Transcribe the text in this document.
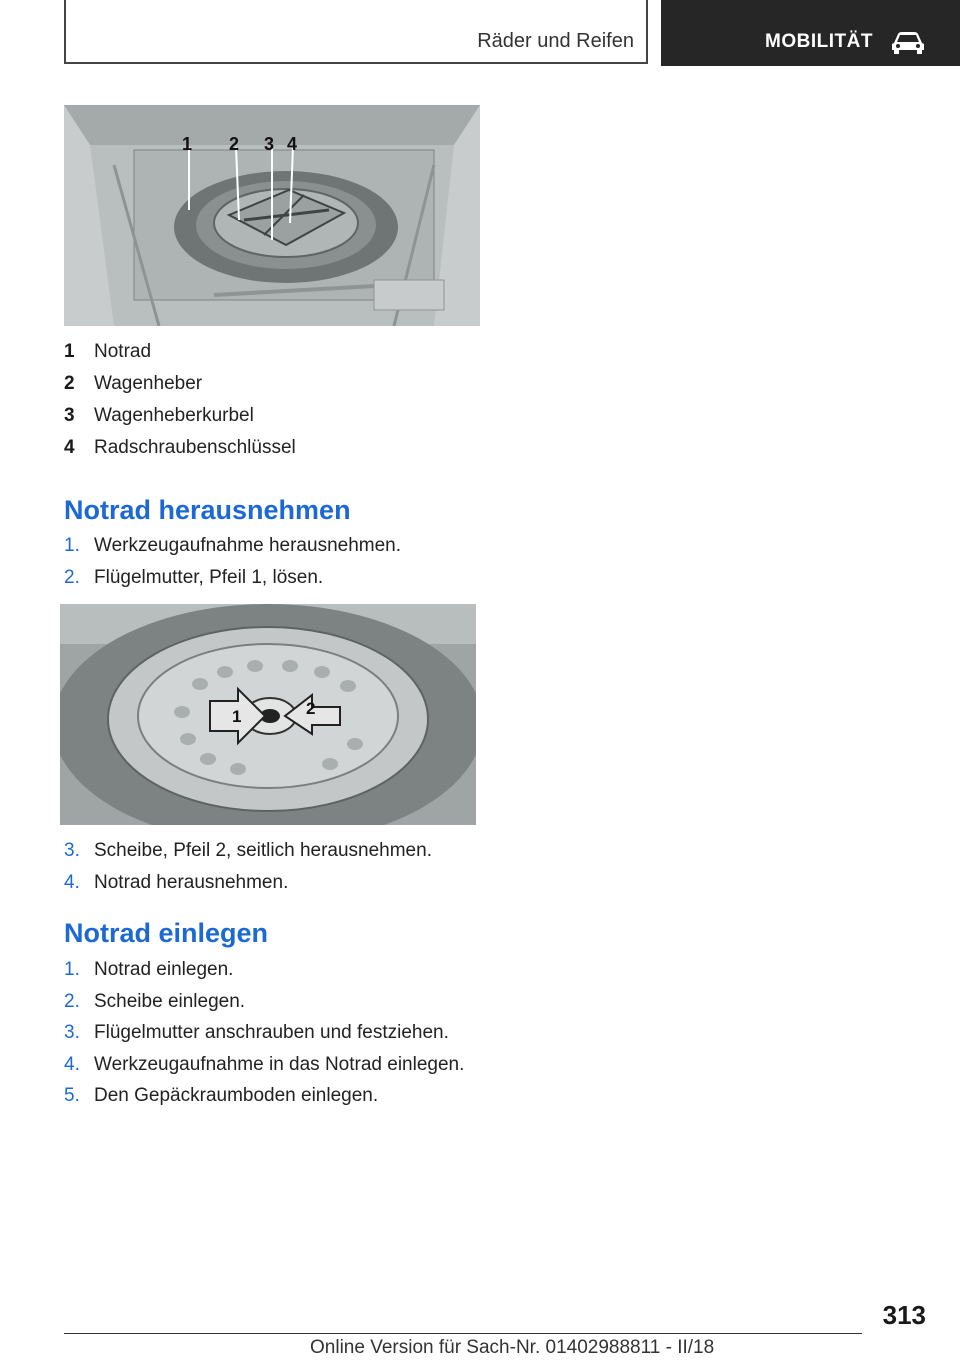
Räder und Reifen	MOBILITÄT
1 2 3 4
1 Notrad
2 Wagenheber
3 Wagenheberkurbel
4 Radschraubenschlüssel
Notrad herausnehmen
1. Werkzeugaufnahme herausnehmen.
2. Flügelmutter, Pfeil 1, lösen.
1	2
3. Scheibe, Pfeil 2, seitlich herausnehmen.
4. Notrad herausnehmen.
Notrad einlegen
1. Notrad einlegen.
2. Scheibe einlegen.
3. Flügelmutter anschrauben und festziehen.
4. Werkzeugaufnahme in das Notrad einlegen.
5. Den Gepäckraumboden einlegen.
313
Online Version für Sach-Nr. 01402988811 - II/18
